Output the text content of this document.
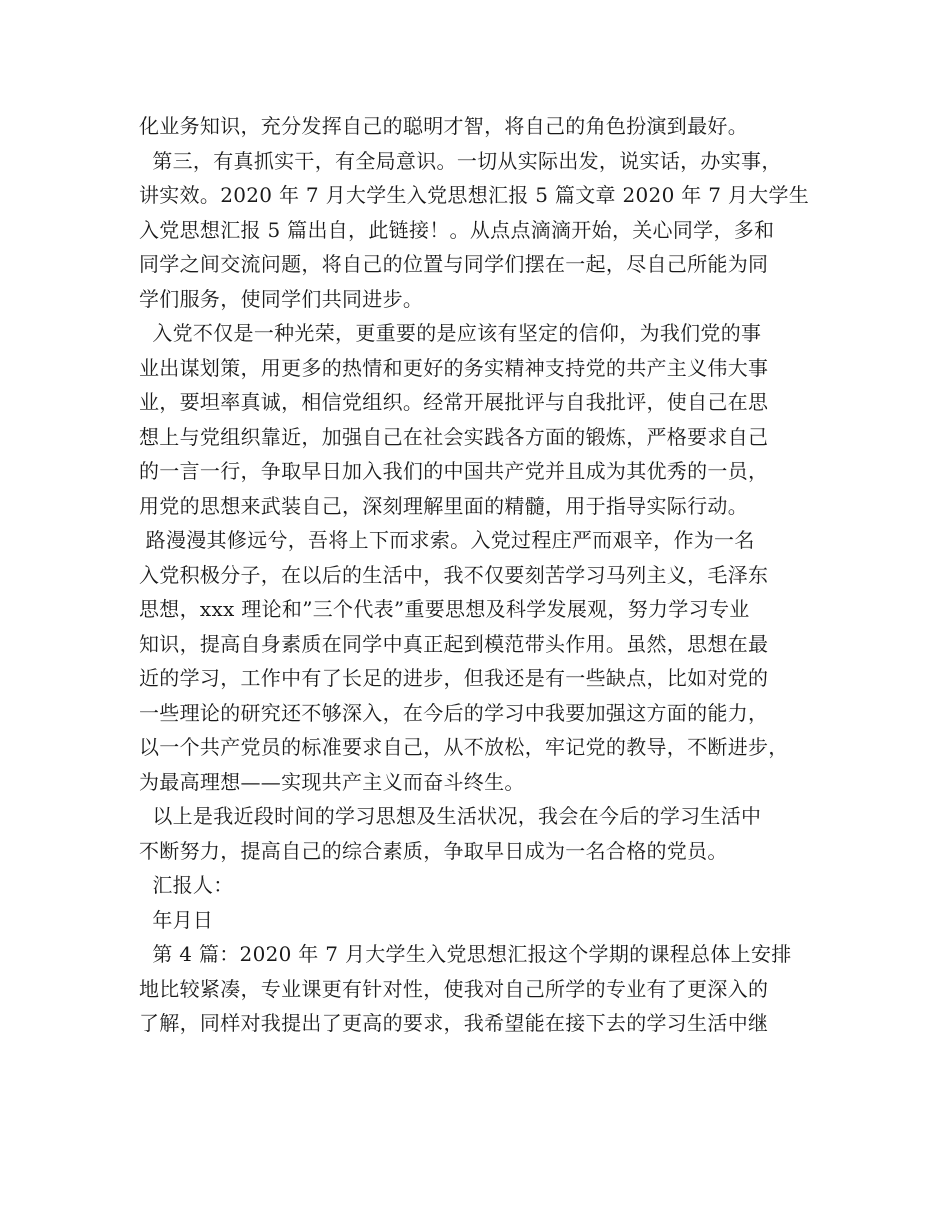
化业务知识，充分发挥自己的聪明才智，将自己的角色扮演到最好。
第三，有真抓实干，有全局意识。一切从实际出发，说实话，办实事，
讲实效。2020 年 7 月大学生入党思想汇报 5 篇文章 2020 年 7 月大学生
入党思想汇报 5 篇出自，此链接！。从点点滴滴开始，关心同学，多和
同学之间交流问题，将自己的位置与同学们摆在一起，尽自己所能为同
学们服务，使同学们共同进步。
入党不仅是一种光荣，更重要的是应该有坚定的信仰，为我们党的事
业出谋划策，用更多的热情和更好的务实精神支持党的共产主义伟大事
业，要坦率真诚，相信党组织。经常开展批评与自我批评，使自己在思
想上与党组织靠近，加强自己在社会实践各方面的锻炼，严格要求自己
的一言一行，争取早日加入我们的中国共产党并且成为其优秀的一员，
用党的思想来武装自己，深刻理解里面的精髓，用于指导实际行动。
路漫漫其修远兮，吾将上下而求索。入党过程庄严而艰辛，作为一名
入党积极分子，在以后的生活中，我不仅要刻苦学习马列主义，毛泽东
思想，xxx 理论和”三个代表”重要思想及科学发展观，努力学习专业
知识，提高自身素质在同学中真正起到模范带头作用。虽然，思想在最
近的学习，工作中有了长足的进步，但我还是有一些缺点，比如对党的
一些理论的研究还不够深入，在今后的学习中我要加强这方面的能力，
以一个共产党员的标准要求自己，从不放松，牢记党的教导，不断进步，
为最高理想——实现共产主义而奋斗终生。
以上是我近段时间的学习思想及生活状况，我会在今后的学习生活中
不断努力，提高自己的综合素质，争取早日成为一名合格的党员。
汇报人：
年月日
第 4 篇：2020 年 7 月大学生入党思想汇报这个学期的课程总体上安排
地比较紧凑，专业课更有针对性，使我对自己所学的专业有了更深入的
了解，同样对我提出了更高的要求，我希望能在接下去的学习生活中继
